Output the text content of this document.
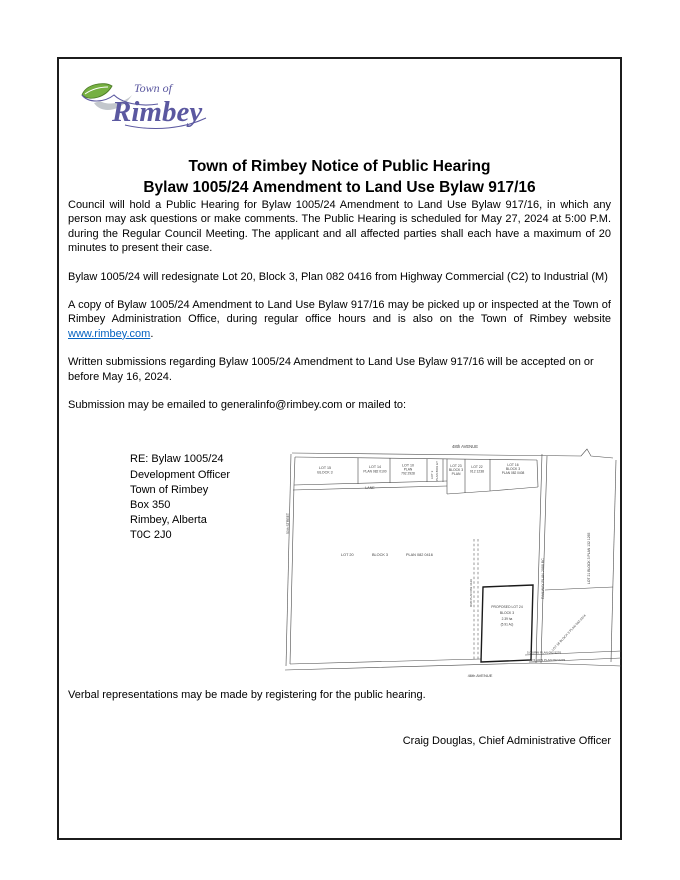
Town of
Rimbey
Town of Rimbey Notice of Public Hearing
Bylaw 1005/24 Amendment to Land Use Bylaw 917/16

Council will hold a Public Hearing for Bylaw 1005/24 Amendment to Land Use Bylaw 917/16, in which any person may ask questions or make comments. The Public Hearing is scheduled for May 27, 2024 at 5:00 P.M. during the Regular Council Meeting. The applicant and all affected parties shall each have a maximum of 20 minutes to present their case.

Bylaw 1005/24 will redesignate Lot 20, Block 3, Plan 082 0416 from Highway Commercial (C2) to Industrial (M)

A copy of Bylaw 1005/24 Amendment to Land Use Bylaw 917/16 may be picked up or inspected at the Town of Rimbey Administration Office, during regular office hours and is also on the Town of Rimbey website www.rimbey.com.

Written submissions regarding Bylaw 1005/24 Amendment to Land Use Bylaw 917/16 will be accepted on or before May 16, 2024.

Submission may be emailed to generalinfo@rimbey.com or mailed to:

RE: Bylaw 1005/24
Development Officer
Town of Rimbey
Box 350
Rimbey, Alberta
T0C 2J0
48th AVENUE
46th AVENUE
50th STREET
LANE
LOT 15
BLOCK 3
LOT 14
PLAN 082 0100
LOT 10
PLAN
792 2928	LOT 3 PLAN 8001 ET	LOT 23
BLOCK 3
PLAN
LOT 22
012 1238
LOT 16
BLOCK 3
PLAN 082 0408
LOT 20	BLOCK 3	PLAN 082 0416
R/W PLAN 082 3129	RAILWAY PLAN 2088 BC	LOT 21 BLOCK 3 PLAN 132 1265
LOT 18 BLOCK 3 PLAN 092 0274
PROPOSED LOT 24
BLOCK 3
2.39 ha
(5.91 Ac)
5.0 URW PLAN 092 5276
2.5 URW PLAN 092 0275

Verbal representations may be made by registering for the public hearing.

Craig Douglas, Chief Administrative Officer
